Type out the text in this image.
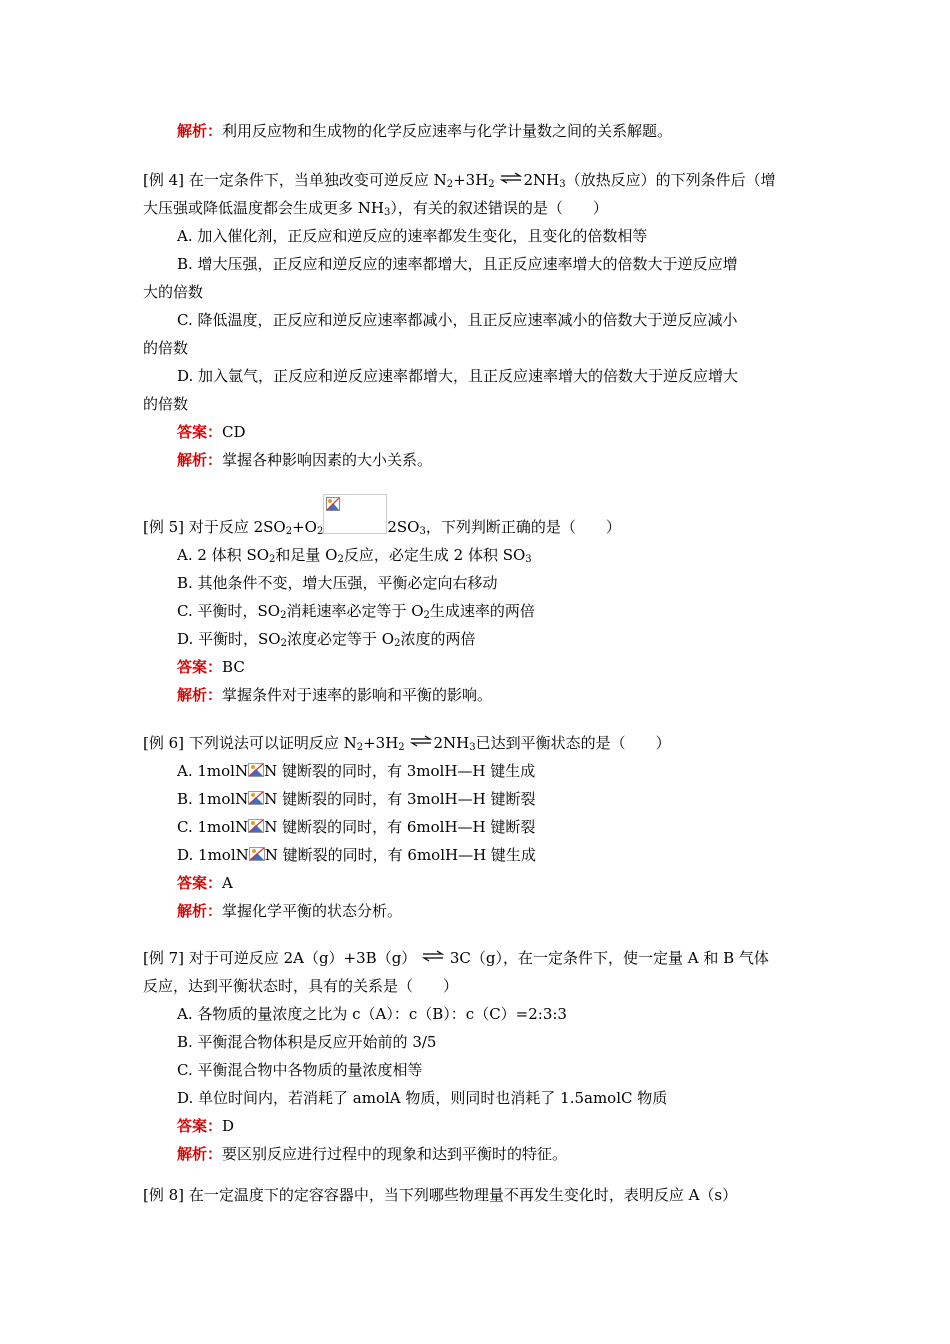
解析：利用反应物和生成物的化学反应速率与化学计量数之间的关系解题。
[例 4] 在一定条件下，当单独改变可逆反应 $N_2+3H_2$ $\rightleftharpoons 2NH_3$（放热反应）的下列条件后（增
大压强或降低温度都会生成更多 $NH_3$），有关的叙述错误的是（　　）
A. 加入催化剂，正反应和逆反应的速率都发生变化，且变化的倍数相等
B. 增大压强，正反应和逆反应的速率都增大，且正反应速率增大的倍数大于逆反应增
大的倍数
C. 降低温度，正反应和逆反应速率都减小，且正反应速率减小的倍数大于逆反应减小
的倍数
D. 加入氩气，正反应和逆反应速率都增大，且正反应速率增大的倍数大于逆反应增大
的倍数
答案：CD
解析：掌握各种影响因素的大小关系。
[例 5] 对于反应 $2SO_2+O_2$	$2SO_3$，下列判断正确的是（　　）
A. 2 体积 $SO_2$和足量 $O_2$反应，必定生成 2 体积 $SO_3$
B. 其他条件不变，增大压强，平衡必定向右移动
C. 平衡时，$SO_2$消耗速率必定等于 $O_2$生成速率的两倍
D. 平衡时，$SO_2$浓度必定等于 $O_2$浓度的两倍
答案：BC
解析：掌握条件对于速率的影响和平衡的影响。
[例 6] 下列说法可以证明反应 $N_2+3H_2$ $\rightleftharpoons 2NH_3$已达到平衡状态的是（　　）
A. 1molN N 键断裂的同时，有 3molH—H 键生成
B. 1molN N 键断裂的同时，有 3molH—H 键断裂
C. 1molN N 键断裂的同时，有 6molH—H 键断裂
D. 1molN N 键断裂的同时，有 6molH—H 键生成
答案：A
解析：掌握化学平衡的状态分析。
[例 7] 对于可逆反应 2A（g）+3B（g） ⇌ 3C（g），在一定条件下，使一定量 A 和 B 气体
反应，达到平衡状态时，具有的关系是（　　）
A. 各物质的量浓度之比为 c（A）：c（B）：c（C）=2:3:3
B. 平衡混合物体积是反应开始前的 3/5
C. 平衡混合物中各物质的量浓度相等
D. 单位时间内，若消耗了 amolA 物质，则同时也消耗了 1.5amolC 物质
答案：D
解析：要区别反应进行过程中的现象和达到平衡时的特征。
[例 8] 在一定温度下的定容容器中，当下列哪些物理量不再发生变化时，表明反应 A（s）
